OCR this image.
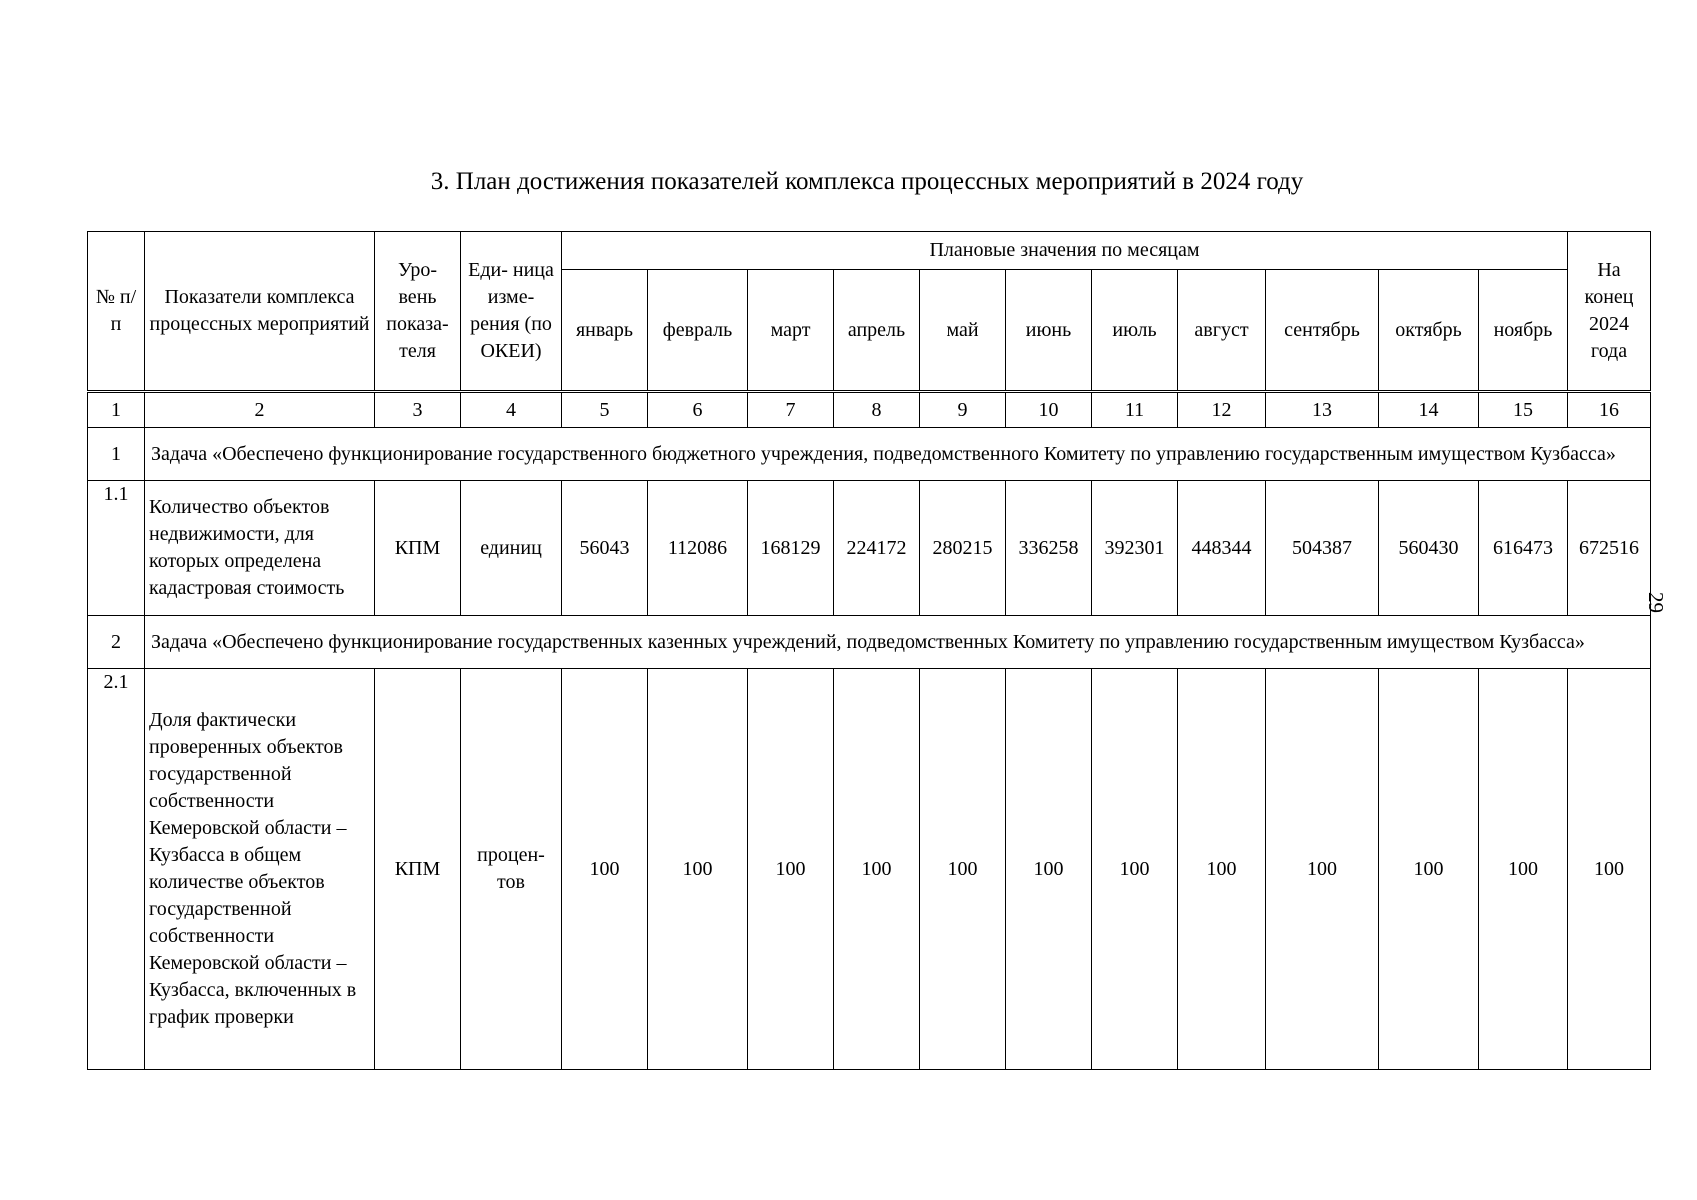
3. План достижения показателей комплекса процессных мероприятий в 2024 году
29
№ п/п	Показатели комплекса процессных мероприятий	Уро- вень показа- теля	Еди- ница изме- рения (по ОКЕИ)	Плановые значения по месяцам											На конец 2024 года
				январь	февраль	март	апрель	май	июнь	июль	август	сентябрь	октябрь	ноябрь	
1	2	3	4	5	6	7	8	9	10	11	12	13	14	15	16
1	Задача «Обеспечено функционирование государственного бюджетного учреждения, подведомственного Комитету по управлению государственным имуществом Кузбасса»														
1.1	Количество объектов недвижимости, для которых определена кадастровая стоимость	КПМ	единиц	56043	112086	168129	224172	280215	336258	392301	448344	504387	560430	616473	672516
2	Задача «Обеспечено функционирование государственных казенных учреждений, подведомственных Комитету по управлению государственным имуществом Кузбасса»														
2.1	Доля фактически проверенных объектов государственной собственности Кемеровской области – Кузбасса в общем количестве объектов государственной собственности Кемеровской области – Кузбасса, включенных в график проверки	КПМ	процен- тов	100	100	100	100	100	100	100	100	100	100	100	100
